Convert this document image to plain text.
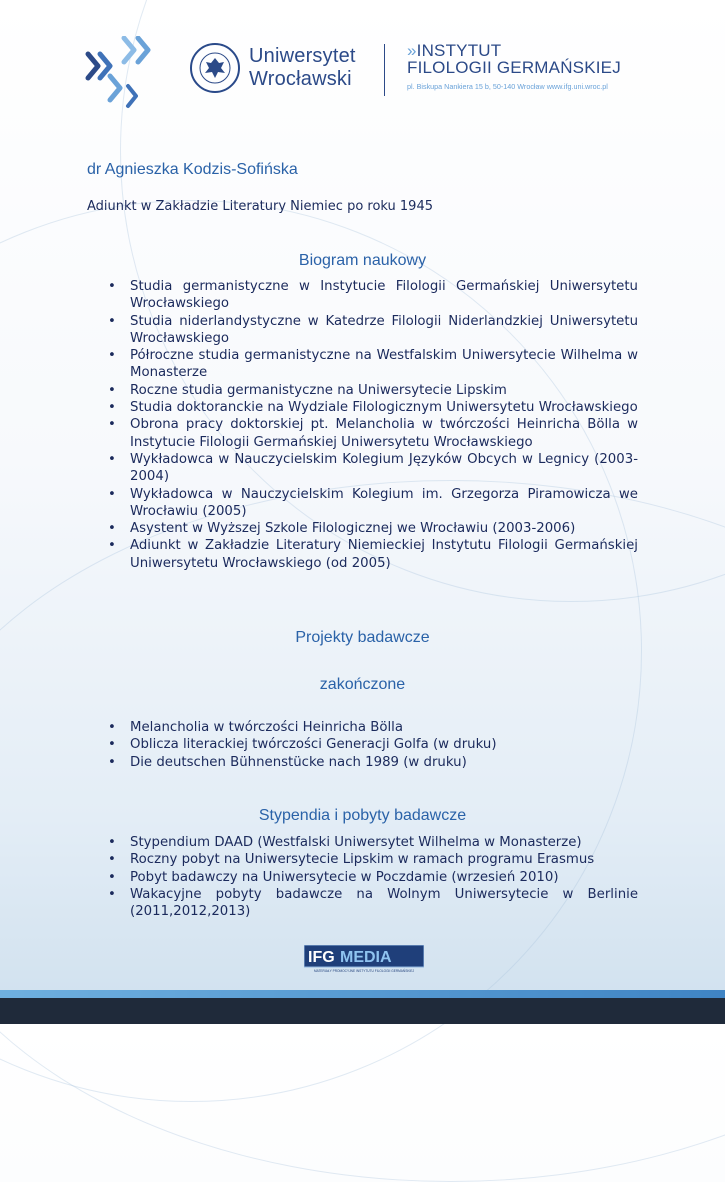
Uniwersytet
Wrocławski
»INSTYTUT
FILOLOGII GERMAŃSKIEJ
pl. Biskupa Nankiera 15 b, 50-140 Wrocław www.ifg.uni.wroc.pl
dr Agnieszka Kodzis-Sofińska
Adiunkt w Zakładzie Literatury Niemiec po roku 1945
Biogram naukowy
• Studia germanistyczne w Instytucie Filologii Germańskiej Uniwersytetu Wrocławskiego
• Studia niderlandystyczne w Katedrze Filologii Niderlandzkiej Uniwersytetu Wrocławskiego
• Półroczne studia germanistyczne na Westfalskim Uniwersytecie Wilhelma w Monasterze
• Roczne studia germanistyczne na Uniwersytecie Lipskim
• Studia doktoranckie na Wydziale Filologicznym Uniwersytetu Wrocławskiego
• Obrona pracy doktorskiej pt. Melancholia w twórczości Heinricha Bölla w Instytucie Filologii Germańskiej Uniwersytetu Wrocławskiego
• Wykładowca w Nauczycielskim Kolegium Języków Obcych w Legnicy (2003-2004)
• Wykładowca w Nauczycielskim Kolegium im. Grzegorza Piramowicza we Wrocławiu (2005)
• Asystent w Wyższej Szkole Filologicznej we Wrocławiu (2003-2006)
• Adiunkt w Zakładzie Literatury Niemieckiej Instytutu Filologii Germańskiej Uniwersytetu Wrocławskiego (od 2005)
Projekty badawcze
zakończone
• Melancholia w twórczości Heinricha Bölla
• Oblicza literackiej twórczości Generacji Golfa (w druku)
• Die deutschen Bühnenstücke nach 1989 (w druku)
Stypendia i pobyty badawcze
• Stypendium DAAD (Westfalski Uniwersytet Wilhelma w Monasterze)
• Roczny pobyt na Uniwersytecie Lipskim w ramach programu Erasmus
• Pobyt badawczy na Uniwersytecie w Poczdamie (wrzesień 2010)
• Wakacyjne pobyty badawcze na Wolnym Uniwersytecie w Berlinie (2011,2012,2013)
IFG MEDIA
MATERIAŁY PROMOCYJNE INSTYTUTU FILOLOGII GERMAŃSKIEJ
